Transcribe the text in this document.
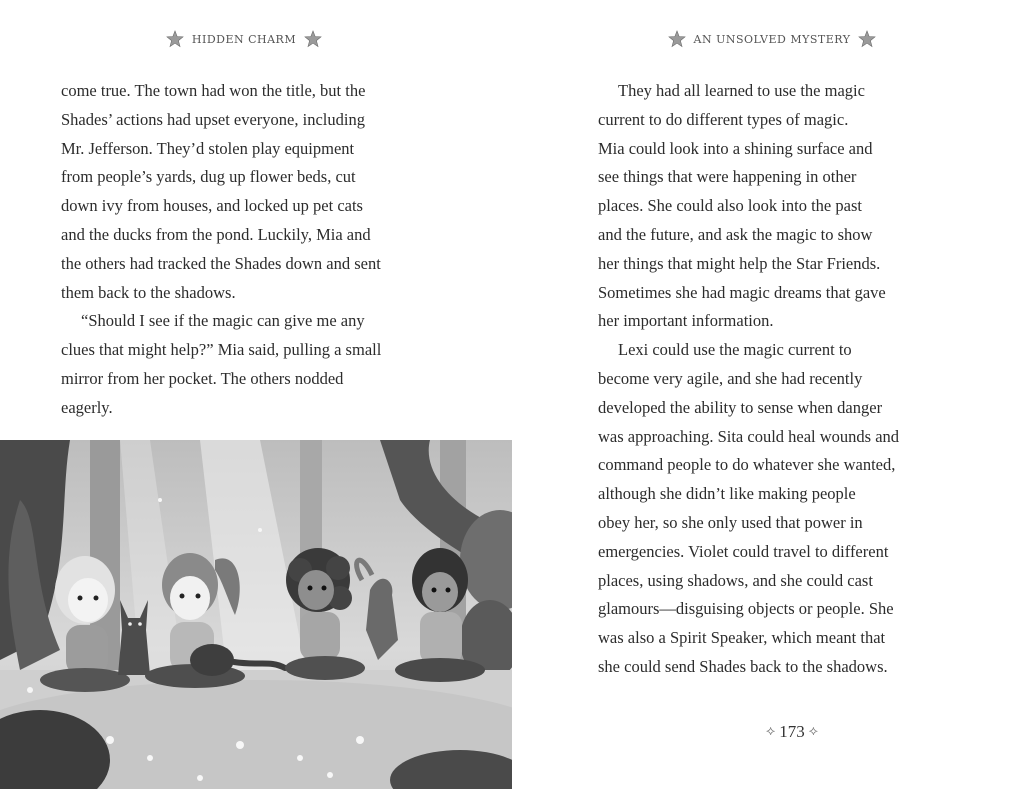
HIDDEN CHARM
come true. The town had won the title, but the
Shades’ actions had upset everyone, including
Mr. Jefferson. They’d stolen play equipment
from people’s yards, dug up flower beds, cut
down ivy from houses, and locked up pet cats
and the ducks from the pond. Luckily, Mia and
the others had tracked the Shades down and sent
them back to the shadows.
“Should I see if the magic can give me any
clues that might help?” Mia said, pulling a small
mirror from her pocket. The others nodded
eagerly.
AN UNSOLVED MYSTERY
They had all learned to use the magic
current to do different types of magic.
Mia could look into a shining surface and
see things that were happening in other
places. She could also look into the past
and the future, and ask the magic to show
her things that might help the Star Friends.
Sometimes she had magic dreams that gave
her important information.
Lexi could use the magic current to
become very agile, and she had recently
developed the ability to sense when danger
was approaching. Sita could heal wounds and
command people to do whatever she wanted,
although she didn’t like making people
obey her, so she only used that power in
emergencies. Violet could travel to different
places, using shadows, and she could cast
glamours—disguising objects or people. She
was also a Spirit Speaker, which meant that
she could send Shades back to the shadows.
⟡ 173 ⟡
